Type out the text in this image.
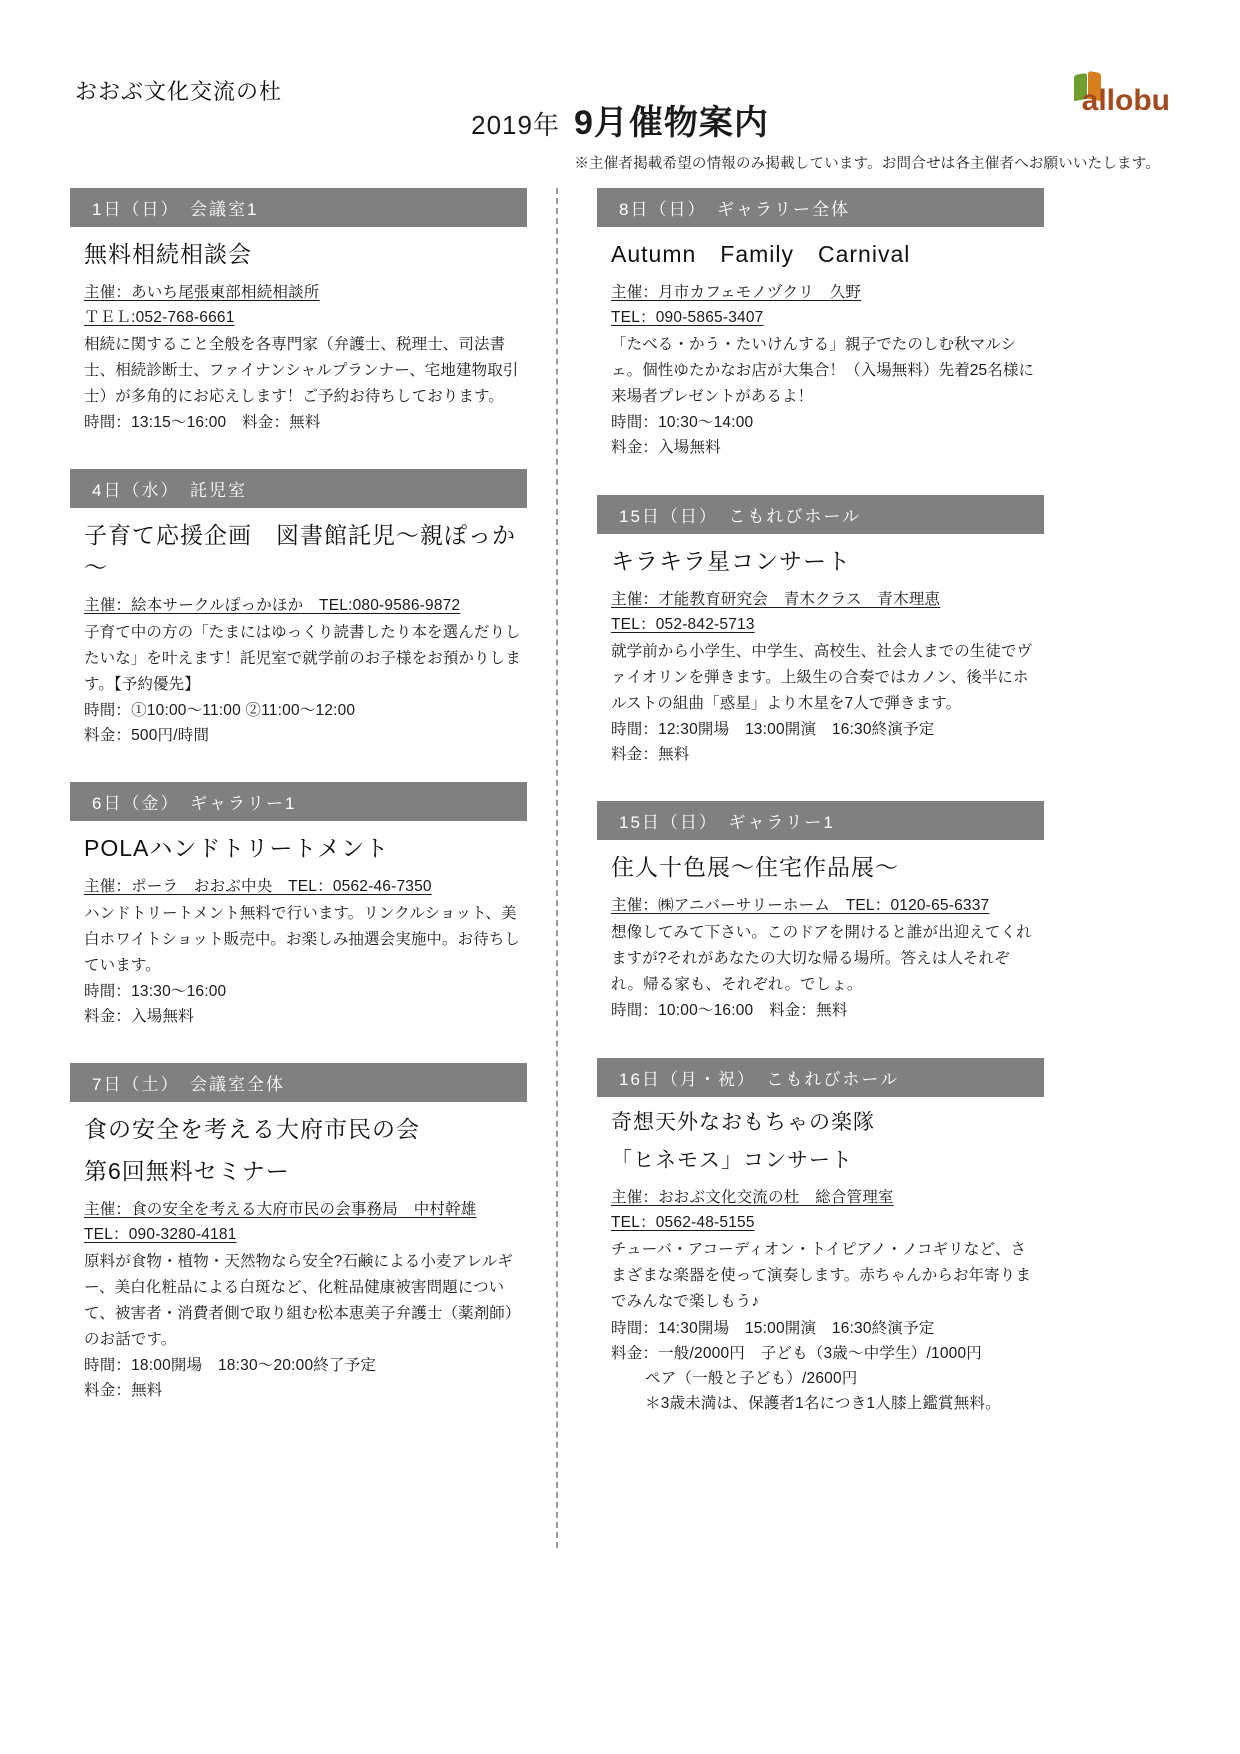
おおぶ文化交流の杜
2019年 9月催物案内
allobu
※主催者掲載希望の情報のみ掲載しています。お問合せは各主催者へお願いいたします。
1日（日）　会議室1
無料相続相談会
主催：あいち尾張東部相続相談所
ＴＥＬ:052-768-6661
相続に関すること全般を各専門家（弁護士、税理士、司法書士、相続診断士、ファイナンシャルプランナー、宅地建物取引士）が多角的にお応えします！ご予約お待ちしております。
時間：13:15～16:00　料金：無料
4日（水）　託児室
子育て応援企画　図書館託児～親ぽっか～
主催：絵本サークルぽっかほか　TEL:080-9586-9872
子育て中の方の「たまにはゆっくり読書したり本を選んだりしたいな」を叶えます！託児室で就学前のお子様をお預かりします。【予約優先】
時間：①10:00～11:00 ②11:00～12:00
料金：500円/時間
6日（金）　ギャラリー1
POLAハンドトリートメント
主催：ポーラ　おおぶ中央　TEL：0562-46-7350
ハンドトリートメント無料で行います。リンクルショット、美白ホワイトショット販売中。お楽しみ抽選会実施中。お待ちしています。
時間：13:30～16:00
料金：入場無料
7日（土）　会議室全体
食の安全を考える大府市民の会
第6回無料セミナー
主催：食の安全を考える大府市民の会事務局　中村幹雄
TEL：090-3280-4181
原料が食物・植物・天然物なら安全?石鹸による小麦アレルギー、美白化粧品による白斑など、化粧品健康被害問題について、被害者・消費者側で取り組む松本恵美子弁護士（薬剤師）のお話です。
時間：18:00開場　18:30～20:00終了予定
料金：無料
8日（日）　ギャラリー全体
Autumn　Family　Carnival
主催：月市カフェモノヅクリ　久野
TEL：090-5865-3407
「たべる・かう・たいけんする」親子でたのしむ秋マルシェ。個性ゆたかなお店が大集合！（入場無料）先着25名様に来場者プレゼントがあるよ！
時間：10:30～14:00
料金：入場無料
15日（日）　こもれびホール
キラキラ星コンサート
主催：才能教育研究会　青木クラス　青木理恵
TEL：052-842-5713
就学前から小学生、中学生、高校生、社会人までの生徒でヴァイオリンを弾きます。上級生の合奏ではカノン、後半にホルストの組曲「惑星」より木星を7人で弾きます。
時間：12:30開場　13:00開演　16:30終演予定
料金：無料
15日（日）　ギャラリー1
住人十色展～住宅作品展～
主催：㈱アニバーサリーホーム　TEL：0120-65-6337
想像してみて下さい。このドアを開けると誰が出迎えてくれますが?それがあなたの大切な帰る場所。答えは人それぞれ。帰る家も、それぞれ。でしょ。
時間：10:00～16:00　料金：無料
16日（月・祝）　こもれびホール
奇想天外なおもちゃの楽隊
「ヒネモス」コンサート
主催：おおぶ文化交流の杜　総合管理室
TEL：0562-48-5155
チューバ・アコーディオン・トイピアノ・ノコギリなど、さまざまな楽器を使って演奏します。赤ちゃんからお年寄りまでみんなで楽しもう♪
時間：14:30開場　15:00開演　16:30終演予定
料金：一般/2000円　子ども（3歳～中学生）/1000円
ペア（一般と子ども）/2600円
＊3歳未満は、保護者1名につき1人膝上鑑賞無料。
